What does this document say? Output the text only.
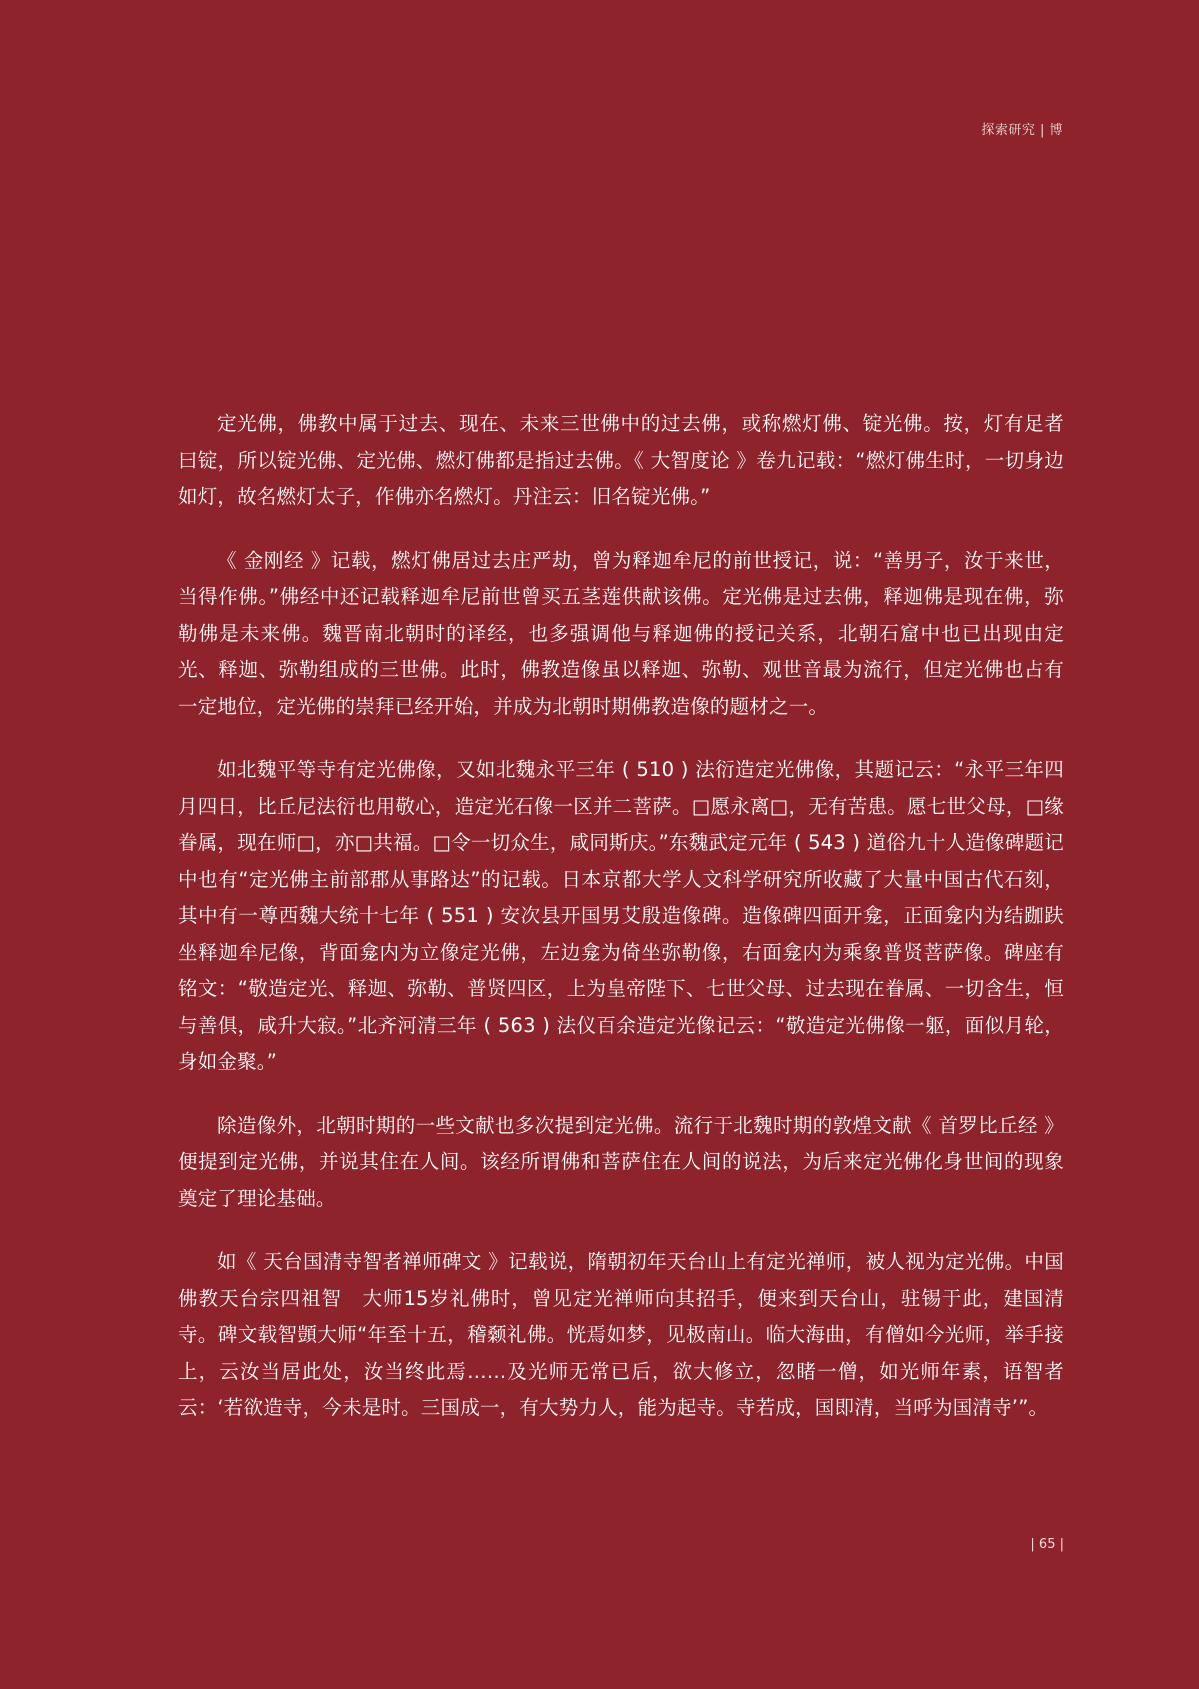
探索研究 | 博

定光佛，佛教中属于过去、现在、未来三世佛中的过去佛，或称燃灯佛、锭光佛。按，灯有足者曰锭，所以锭光佛、定光佛、燃灯佛都是指过去佛。《 大智度论 》卷九记载：“燃灯佛生时，一切身边如灯，故名燃灯太子，作佛亦名燃灯。丹注云：旧名锭光佛。”

《 金刚经 》记载，燃灯佛居过去庄严劫，曾为释迦牟尼的前世授记，说：“善男子，汝于来世，当得作佛。”佛经中还记载释迦牟尼前世曾买五茎莲供献该佛。定光佛是过去佛，释迦佛是现在佛，弥勒佛是未来佛。魏晋南北朝时的译经，也多强调他与释迦佛的授记关系，北朝石窟中也已出现由定光、释迦、弥勒组成的三世佛。此时，佛教造像虽以释迦、弥勒、观世音最为流行，但定光佛也占有一定地位，定光佛的崇拜已经开始，并成为北朝时期佛教造像的题材之一。

如北魏平等寺有定光佛像，又如北魏永平三年 ( 510 ) 法衍造定光佛像，其题记云：“永平三年四月四日，比丘尼法衍也用敬心，造定光石像一区并二菩萨。□愿永离□，无有苦患。愿七世父母，□缘眷属，现在师□，亦□共福。□令一切众生，咸同斯庆。”东魏武定元年 ( 543 ) 道俗九十人造像碑题记中也有“定光佛主前部郡从事路达”的记载。日本京都大学人文科学研究所收藏了大量中国古代石刻，其中有一尊西魏大统十七年 ( 551 ) 安次县开国男艾殷造像碑。造像碑四面开龛，正面龛内为结跏趺坐释迦牟尼像，背面龛内为立像定光佛，左边龛为倚坐弥勒像，右面龛内为乘象普贤菩萨像。碑座有铭文：“敬造定光、释迦、弥勒、普贤四区，上为皇帝陛下、七世父母、过去现在眷属、一切含生，恒与善俱，咸升大寂。”北齐河清三年 ( 563 ) 法仪百余造定光像记云：“敬造定光佛像一躯，面似月轮，身如金聚。”

除造像外，北朝时期的一些文献也多次提到定光佛。流行于北魏时期的敦煌文献《 首罗比丘经 》便提到定光佛，并说其住在人间。该经所谓佛和菩萨住在人间的说法，为后来定光佛化身世间的现象奠定了理论基础。

如《 天台国清寺智者禅师碑文 》记载说，隋朝初年天台山上有定光禅师，被人视为定光佛。中国佛教天台宗四祖智　大师15岁礼佛时，曾见定光禅师向其招手，便来到天台山，驻锡于此，建国清寺。碑文载智顗大师“年至十五，稽颡礼佛。恍焉如梦，见极南山。临大海曲，有僧如今光师，举手接上，云汝当居此处，汝当终此焉……及光师无常已后，欲大修立，忽睹一僧，如光师年素，语智者云：‘若欲造寺，今未是时。三国成一，有大势力人，能为起寺。寺若成，国即清，当呼为国清寺’”。

| 65 |
